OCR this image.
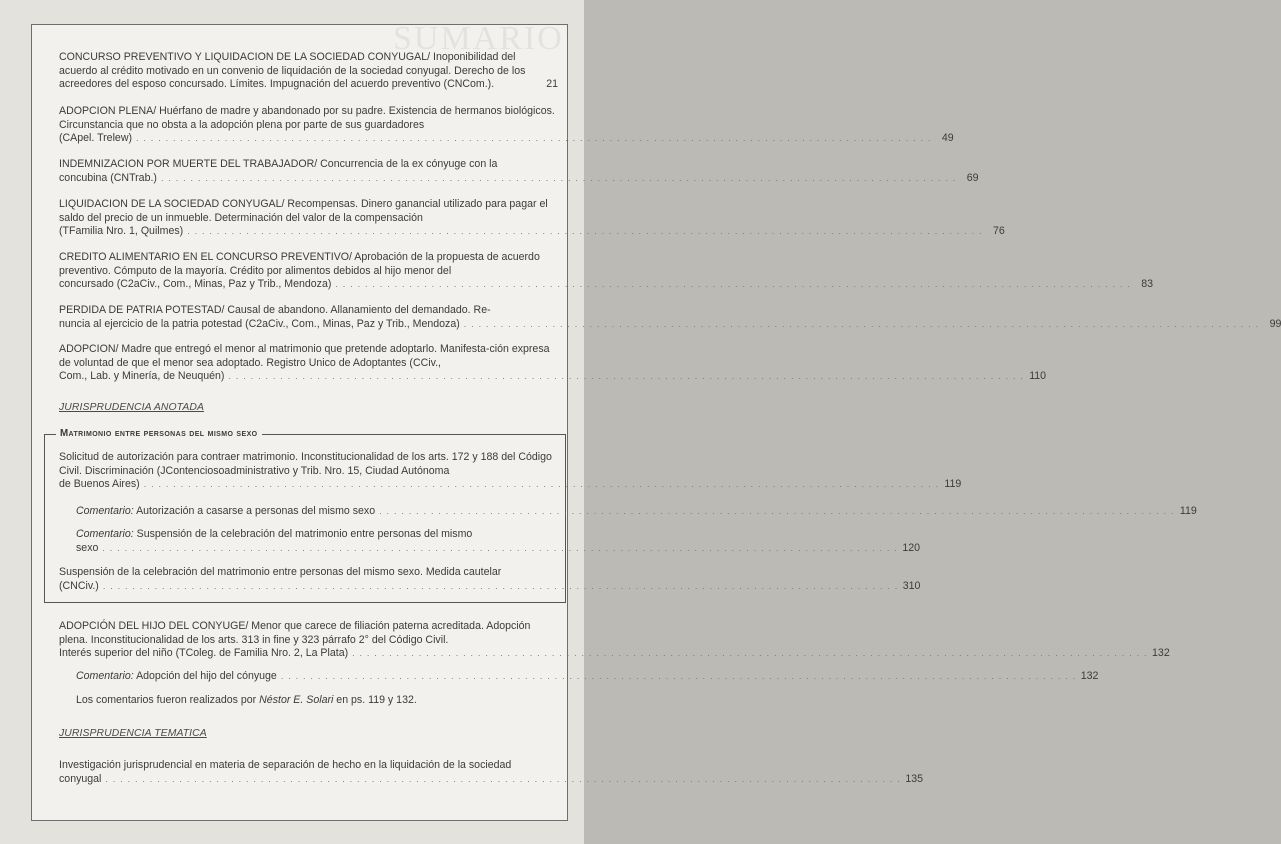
SUMARIO
CONCURSO PREVENTIVO Y LIQUIDACION DE LA SOCIEDAD CONYUGAL/ Inoponibilidad del acuerdo al crédito motivado en un convenio de liquidación de la sociedad conyugal. Derecho de los acreedores del esposo concursado. Límites. Impugnación del acuerdo preventivo (CNCom.).	21
ADOPCION PLENA/ Huérfano de madre y abandonado por su padre. Existencia de hermanos biológicos. Circunstancia que no obsta a la adopción plena por parte de sus guardadores
(CApel. Trelew) . . . . . . . . . . . . . . . . . . . . . . . . . . . . . . . . . . . . . . . . . . . . . . . . . . . . . . . . . . . . . . . . . . . . . . . . . . . . . . . . . . . . . . . . . . . . . . . . . . . . . . . . . . . . 49
INDEMNIZACION POR MUERTE DEL TRABAJADOR/ Concurrencia de la ex cónyuge con la
concubina (CNTrab.) . . . . . . . . . . . . . . . . . . . . . . . . . . . . . . . . . . . . . . . . . . . . . . . . . . . . . . . . . . . . . . . . . . . . . . . . . . . . . . . . . . . . . . . . . . . . . . . . . . . . . . . . . . . . 69
LIQUIDACION DE LA SOCIEDAD CONYUGAL/ Recompensas. Dinero ganancial utilizado para pagar el saldo del precio de un inmueble. Determinación del valor de la compensación
(TFamilia Nro. 1, Quilmes) . . . . . . . . . . . . . . . . . . . . . . . . . . . . . . . . . . . . . . . . . . . . . . . . . . . . . . . . . . . . . . . . . . . . . . . . . . . . . . . . . . . . . . . . . . . . . . . . . . . . . . . . . . . . 76
CREDITO ALIMENTARIO EN EL CONCURSO PREVENTIVO/ Aprobación de la propuesta de acuerdo preventivo. Cómputo de la mayoría. Crédito por alimentos debidos al hijo menor del
concursado (C2aCiv., Com., Minas, Paz y Trib., Mendoza) . . . . . . . . . . . . . . . . . . . . . . . . . . . . . . . . . . . . . . . . . . . . . . . . . . . . . . . . . . . . . . . . . . . . . . . . . . . . . . . . . . . . . . . . . . . . . . . . . . . . . . . . . . . . 83
PERDIDA DE PATRIA POTESTAD/ Causal de abandono. Allanamiento del demandado. Re-
nuncia al ejercicio de la patria potestad (C2aCiv., Com., Minas, Paz y Trib., Mendoza) . . . . . . . . . . . . . . . . . . . . . . . . . . . . . . . . . . . . . . . . . . . . . . . . . . . . . . . . . . . . . . . . . . . . . . . . . . . . . . . . . . . . . . . . . . . . . . . . . . . . . . . . . . . . 99
ADOPCION/ Madre que entregó el menor al matrimonio que pretende adoptarlo. Manifesta-ción expresa de voluntad de que el menor sea adoptado. Registro Unico de Adoptantes (CCiv.,
Com., Lab. y Minería, de Neuquén) . . . . . . . . . . . . . . . . . . . . . . . . . . . . . . . . . . . . . . . . . . . . . . . . . . . . . . . . . . . . . . . . . . . . . . . . . . . . . . . . . . . . . . . . . . . . . . . . . . . . . . . . . . . . 110
JURISPRUDENCIA ANOTADA
Matrimonio entre personas del mismo sexo
Solicitud de autorización para contraer matrimonio. Inconstitucionalidad de los arts. 172 y 188 del Código Civil. Discriminación (JContenciosoadministrativo y Trib. Nro. 15, Ciudad Autónoma
de Buenos Aires) . . . . . . . . . . . . . . . . . . . . . . . . . . . . . . . . . . . . . . . . . . . . . . . . . . . . . . . . . . . . . . . . . . . . . . . . . . . . . . . . . . . . . . . . . . . . . . . . . . . . . . . . . . . . 119
Comentario: Autorización a casarse a personas del mismo sexo . . . . . . . . . . . . . . . . . . . . . . . . . . . . . . . . . . . . . . . . . . . . . . . . . . . . . . . . . . . . . . . . . . . . . . . . . . . . . . . . . . . . . . . . . . . . . . . . . . . . . . . . . . . . 119
Comentario: Suspensión de la celebración del matrimonio entre personas del mismo
sexo . . . . . . . . . . . . . . . . . . . . . . . . . . . . . . . . . . . . . . . . . . . . . . . . . . . . . . . . . . . . . . . . . . . . . . . . . . . . . . . . . . . . . . . . . . . . . . . . . . . . . . . . . . . . 120
Suspensión de la celebración del matrimonio entre personas del mismo sexo. Medida cautelar
(CNCiv.) . . . . . . . . . . . . . . . . . . . . . . . . . . . . . . . . . . . . . . . . . . . . . . . . . . . . . . . . . . . . . . . . . . . . . . . . . . . . . . . . . . . . . . . . . . . . . . . . . . . . . . . . . . . . 310
ADOPCIÓN DEL HIJO DEL CONYUGE/ Menor que carece de filiación paterna acreditada. Adopción plena. Inconstitucionalidad de los arts. 313 in fine y 323 párrafo 2° del Código Civil.
Interés superior del niño (TColeg. de Familia Nro. 2, La Plata) . . . . . . . . . . . . . . . . . . . . . . . . . . . . . . . . . . . . . . . . . . . . . . . . . . . . . . . . . . . . . . . . . . . . . . . . . . . . . . . . . . . . . . . . . . . . . . . . . . . . . . . . . . . . 132
Comentario: Adopción del hijo del cónyuge . . . . . . . . . . . . . . . . . . . . . . . . . . . . . . . . . . . . . . . . . . . . . . . . . . . . . . . . . . . . . . . . . . . . . . . . . . . . . . . . . . . . . . . . . . . . . . . . . . . . . . . . . . . . 132
Los comentarios fueron realizados por Néstor E. Solari en ps. 119 y 132.
JURISPRUDENCIA TEMATICA
Investigación jurisprudencial en materia de separación de hecho en la liquidación de la sociedad
conyugal . . . . . . . . . . . . . . . . . . . . . . . . . . . . . . . . . . . . . . . . . . . . . . . . . . . . . . . . . . . . . . . . . . . . . . . . . . . . . . . . . . . . . . . . . . . . . . . . . . . . . . . . . . . . 135
